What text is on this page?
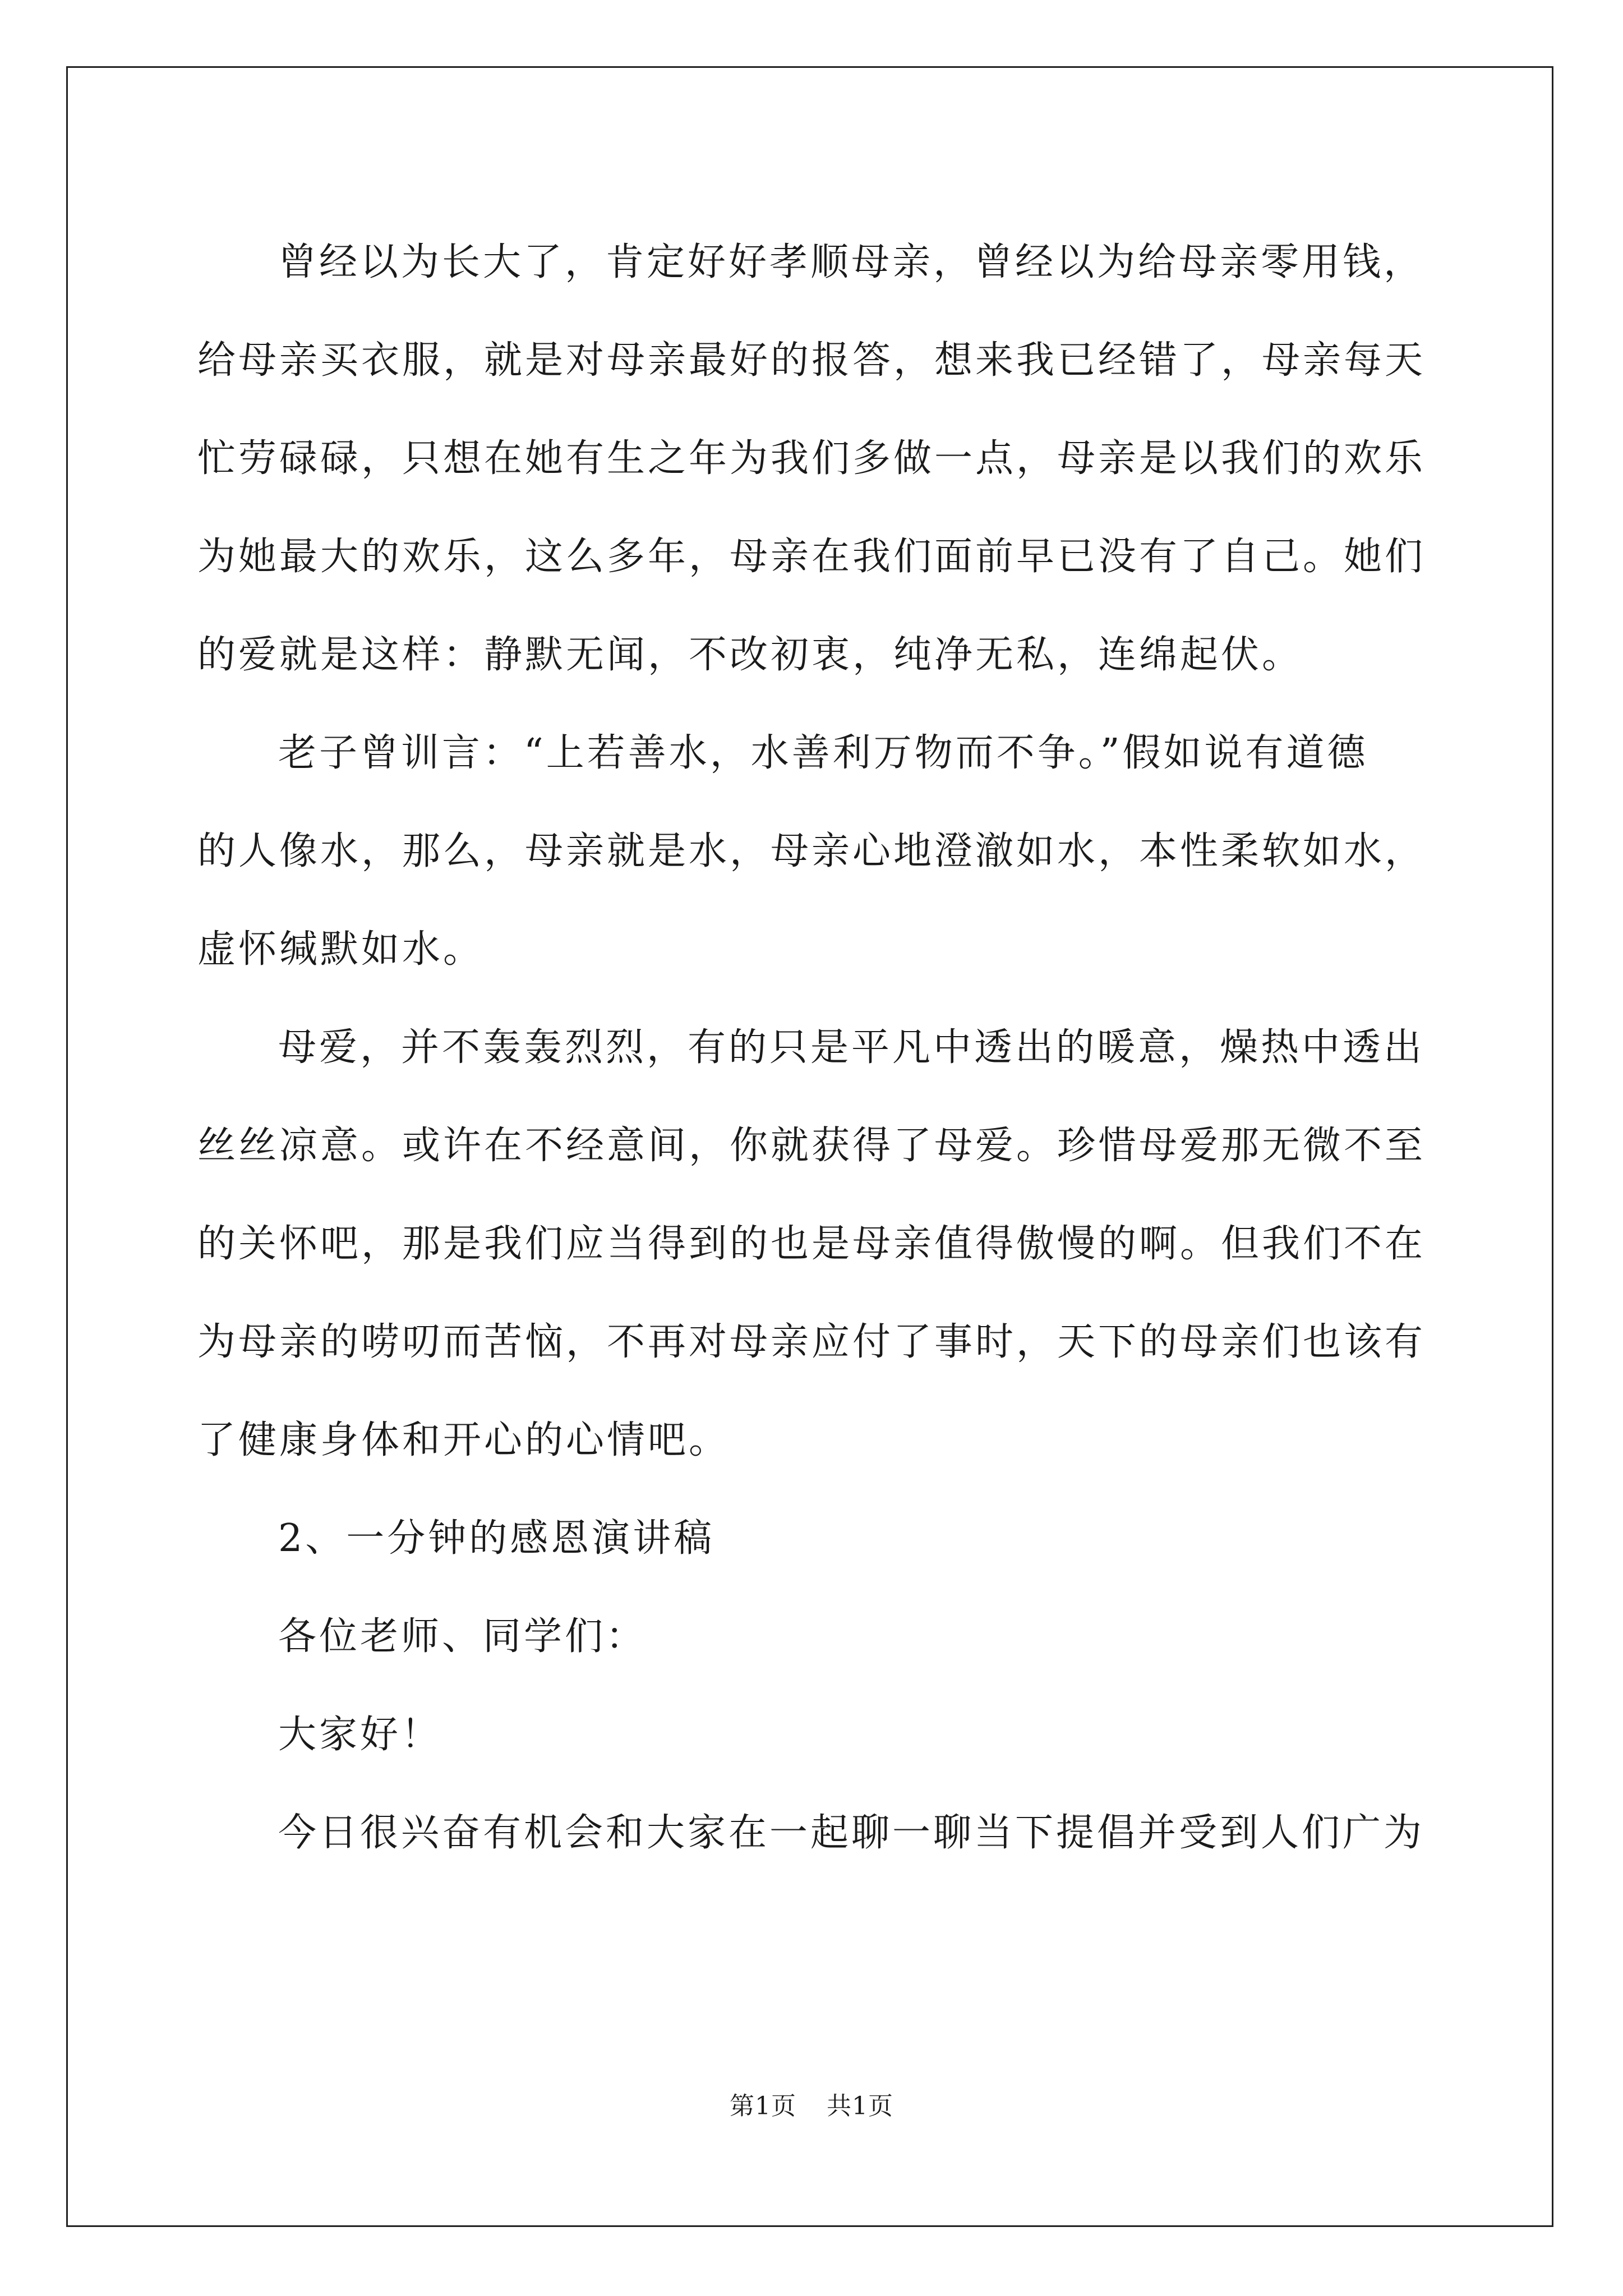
曾经以为长大了，肯定好好孝顺母亲，曾经以为给母亲零用钱，
给母亲买衣服，就是对母亲最好的报答，想来我已经错了，母亲每天
忙劳碌碌，只想在她有生之年为我们多做一点，母亲是以我们的欢乐
为她最大的欢乐，这么多年，母亲在我们面前早已没有了自己。她们
的爱就是这样：静默无闻，不改初衷，纯净无私，连绵起伏。
老子曾训言：“上若善水，水善利万物而不争。”假如说有道德
的人像水，那么，母亲就是水，母亲心地澄澈如水，本性柔软如水，
虚怀缄默如水。
母爱，并不轰轰烈烈，有的只是平凡中透出的暖意，燥热中透出
丝丝凉意。或许在不经意间，你就获得了母爱。珍惜母爱那无微不至
的关怀吧，那是我们应当得到的也是母亲值得傲慢的啊。但我们不在
为母亲的唠叨而苦恼，不再对母亲应付了事时，天下的母亲们也该有
了健康身体和开心的心情吧。
2、一分钟的感恩演讲稿
各位老师、同学们：
大家好！
今日很兴奋有机会和大家在一起聊一聊当下提倡并受到人们广为
第1页 共1页
